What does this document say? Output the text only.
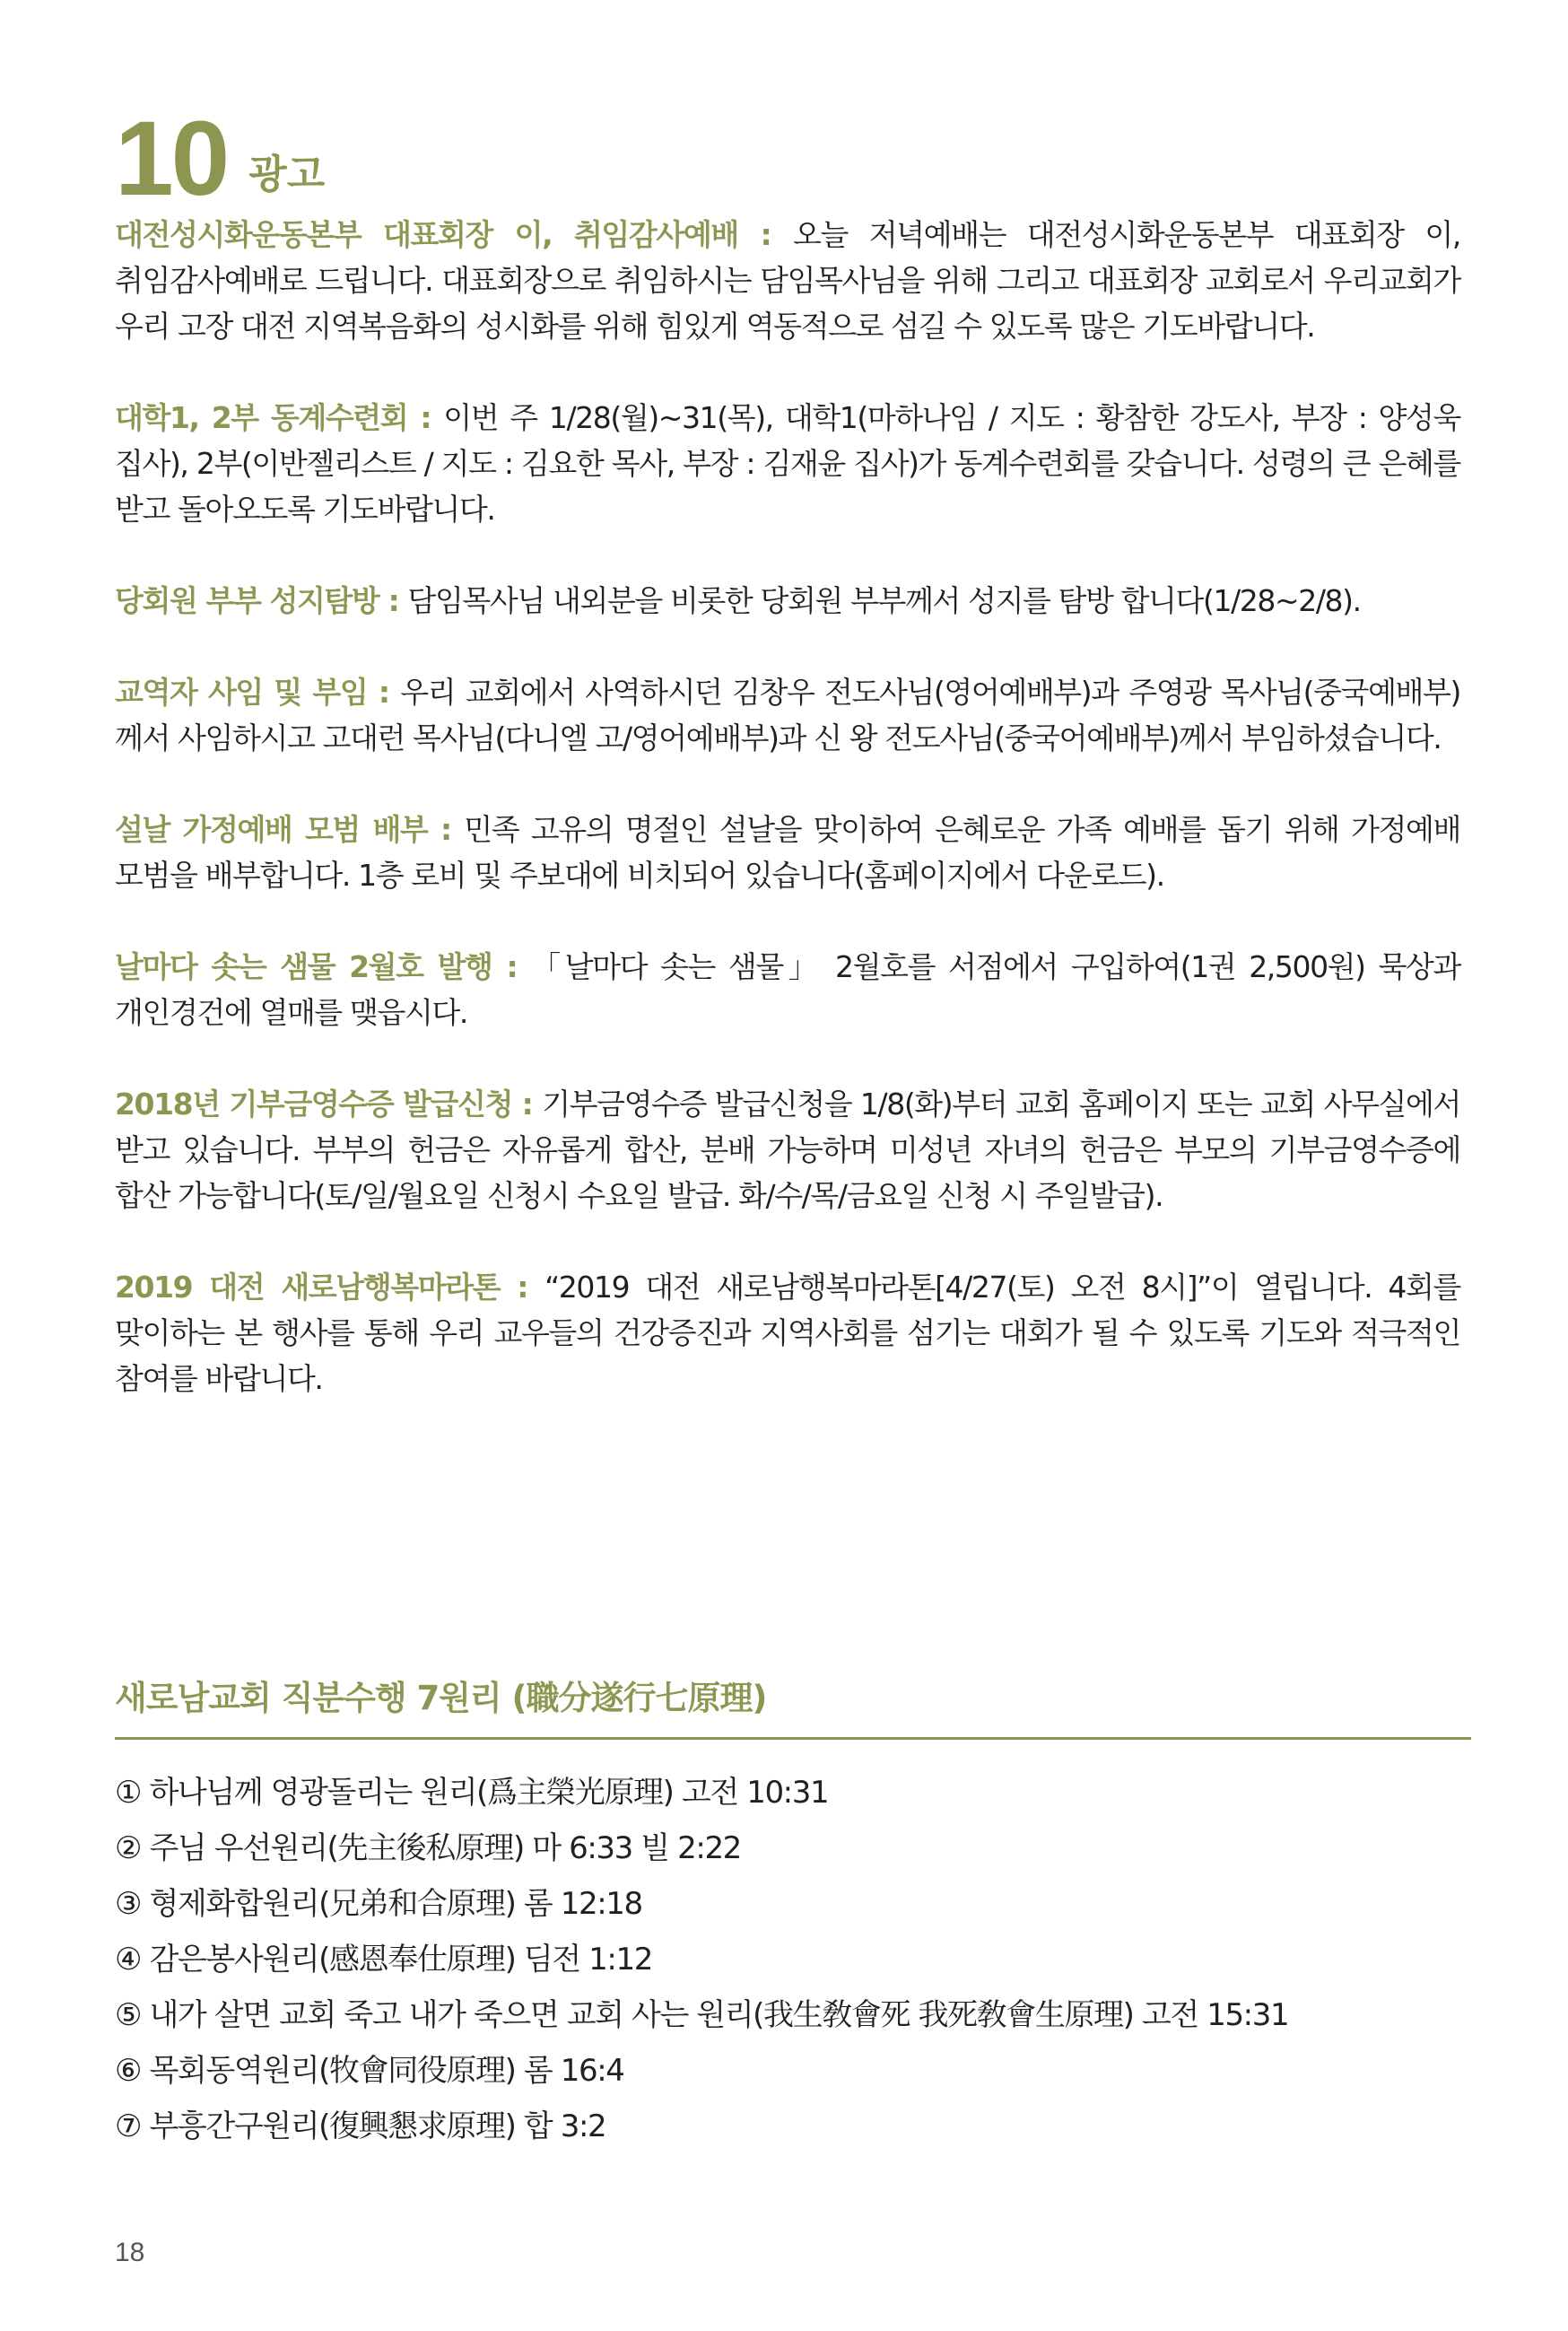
10 광고

대전성시화운동본부 대표회장 이, 취임감사예배 : 오늘 저녁예배는 대전성시화운동본부 대표회장 이, 취임감사예배로 드립니다. 대표회장으로 취임하시는 담임목사님을 위해 그리고 대표회장 교회로서 우리교회가 우리 고장 대전 지역복음화의 성시화를 위해 힘있게 역동적으로 섬길 수 있도록 많은 기도바랍니다.

대학1, 2부 동계수련회 : 이번 주 1/28(월)~31(목), 대학1(마하나임 / 지도 : 황참한 강도사, 부장 : 양성욱 집사), 2부(이반젤리스트 / 지도 : 김요한 목사, 부장 : 김재윤 집사)가 동계수련회를 갖습니다. 성령의 큰 은혜를 받고 돌아오도록 기도바랍니다.

당회원 부부 성지탐방 : 담임목사님 내외분을 비롯한 당회원 부부께서 성지를 탐방 합니다(1/28~2/8).

교역자 사임 및 부임 : 우리 교회에서 사역하시던 김창우 전도사님(영어예배부)과 주영광 목사님(중국예배부)께서 사임하시고 고대런 목사님(다니엘 고/영어예배부)과 신 왕 전도사님(중국어예배부)께서 부임하셨습니다.

설날 가정예배 모범 배부 : 민족 고유의 명절인 설날을 맞이하여 은혜로운 가족 예배를 돕기 위해 가정예배 모범을 배부합니다. 1층 로비 및 주보대에 비치되어 있습니다(홈페이지에서 다운로드).

날마다 솟는 샘물 2월호 발행 : 「날마다 솟는 샘물」 2월호를 서점에서 구입하여(1권 2,500원) 묵상과 개인경건에 열매를 맺읍시다.

2018년 기부금영수증 발급신청 : 기부금영수증 발급신청을 1/8(화)부터 교회 홈페이지 또는 교회 사무실에서 받고 있습니다. 부부의 헌금은 자유롭게 합산, 분배 가능하며 미성년 자녀의 헌금은 부모의 기부금영수증에 합산 가능합니다(토/일/월요일 신청시 수요일 발급. 화/수/목/금요일 신청 시 주일발급).

2019 대전 새로남행복마라톤 : “2019 대전 새로남행복마라톤[4/27(토) 오전 8시]”이 열립니다. 4회를 맞이하는 본 행사를 통해 우리 교우들의 건강증진과 지역사회를 섬기는 대회가 될 수 있도록 기도와 적극적인 참여를 바랍니다.

새로남교회 직분수행 7원리 (職分遂行七原理)
① 하나님께 영광돌리는 원리(爲主榮光原理) 고전 10:31
② 주님 우선원리(先主後私原理) 마 6:33 빌 2:22
③ 형제화합원리(兄弟和合原理) 롬 12:18
④ 감은봉사원리(感恩奉仕原理) 딤전 1:12
⑤ 내가 살면 교회 죽고 내가 죽으면 교회 사는 원리(我生敎會死 我死敎會生原理) 고전 15:31
⑥ 목회동역원리(牧會同役原理) 롬 16:4
⑦ 부흥간구원리(復興懇求原理) 합 3:2
18
